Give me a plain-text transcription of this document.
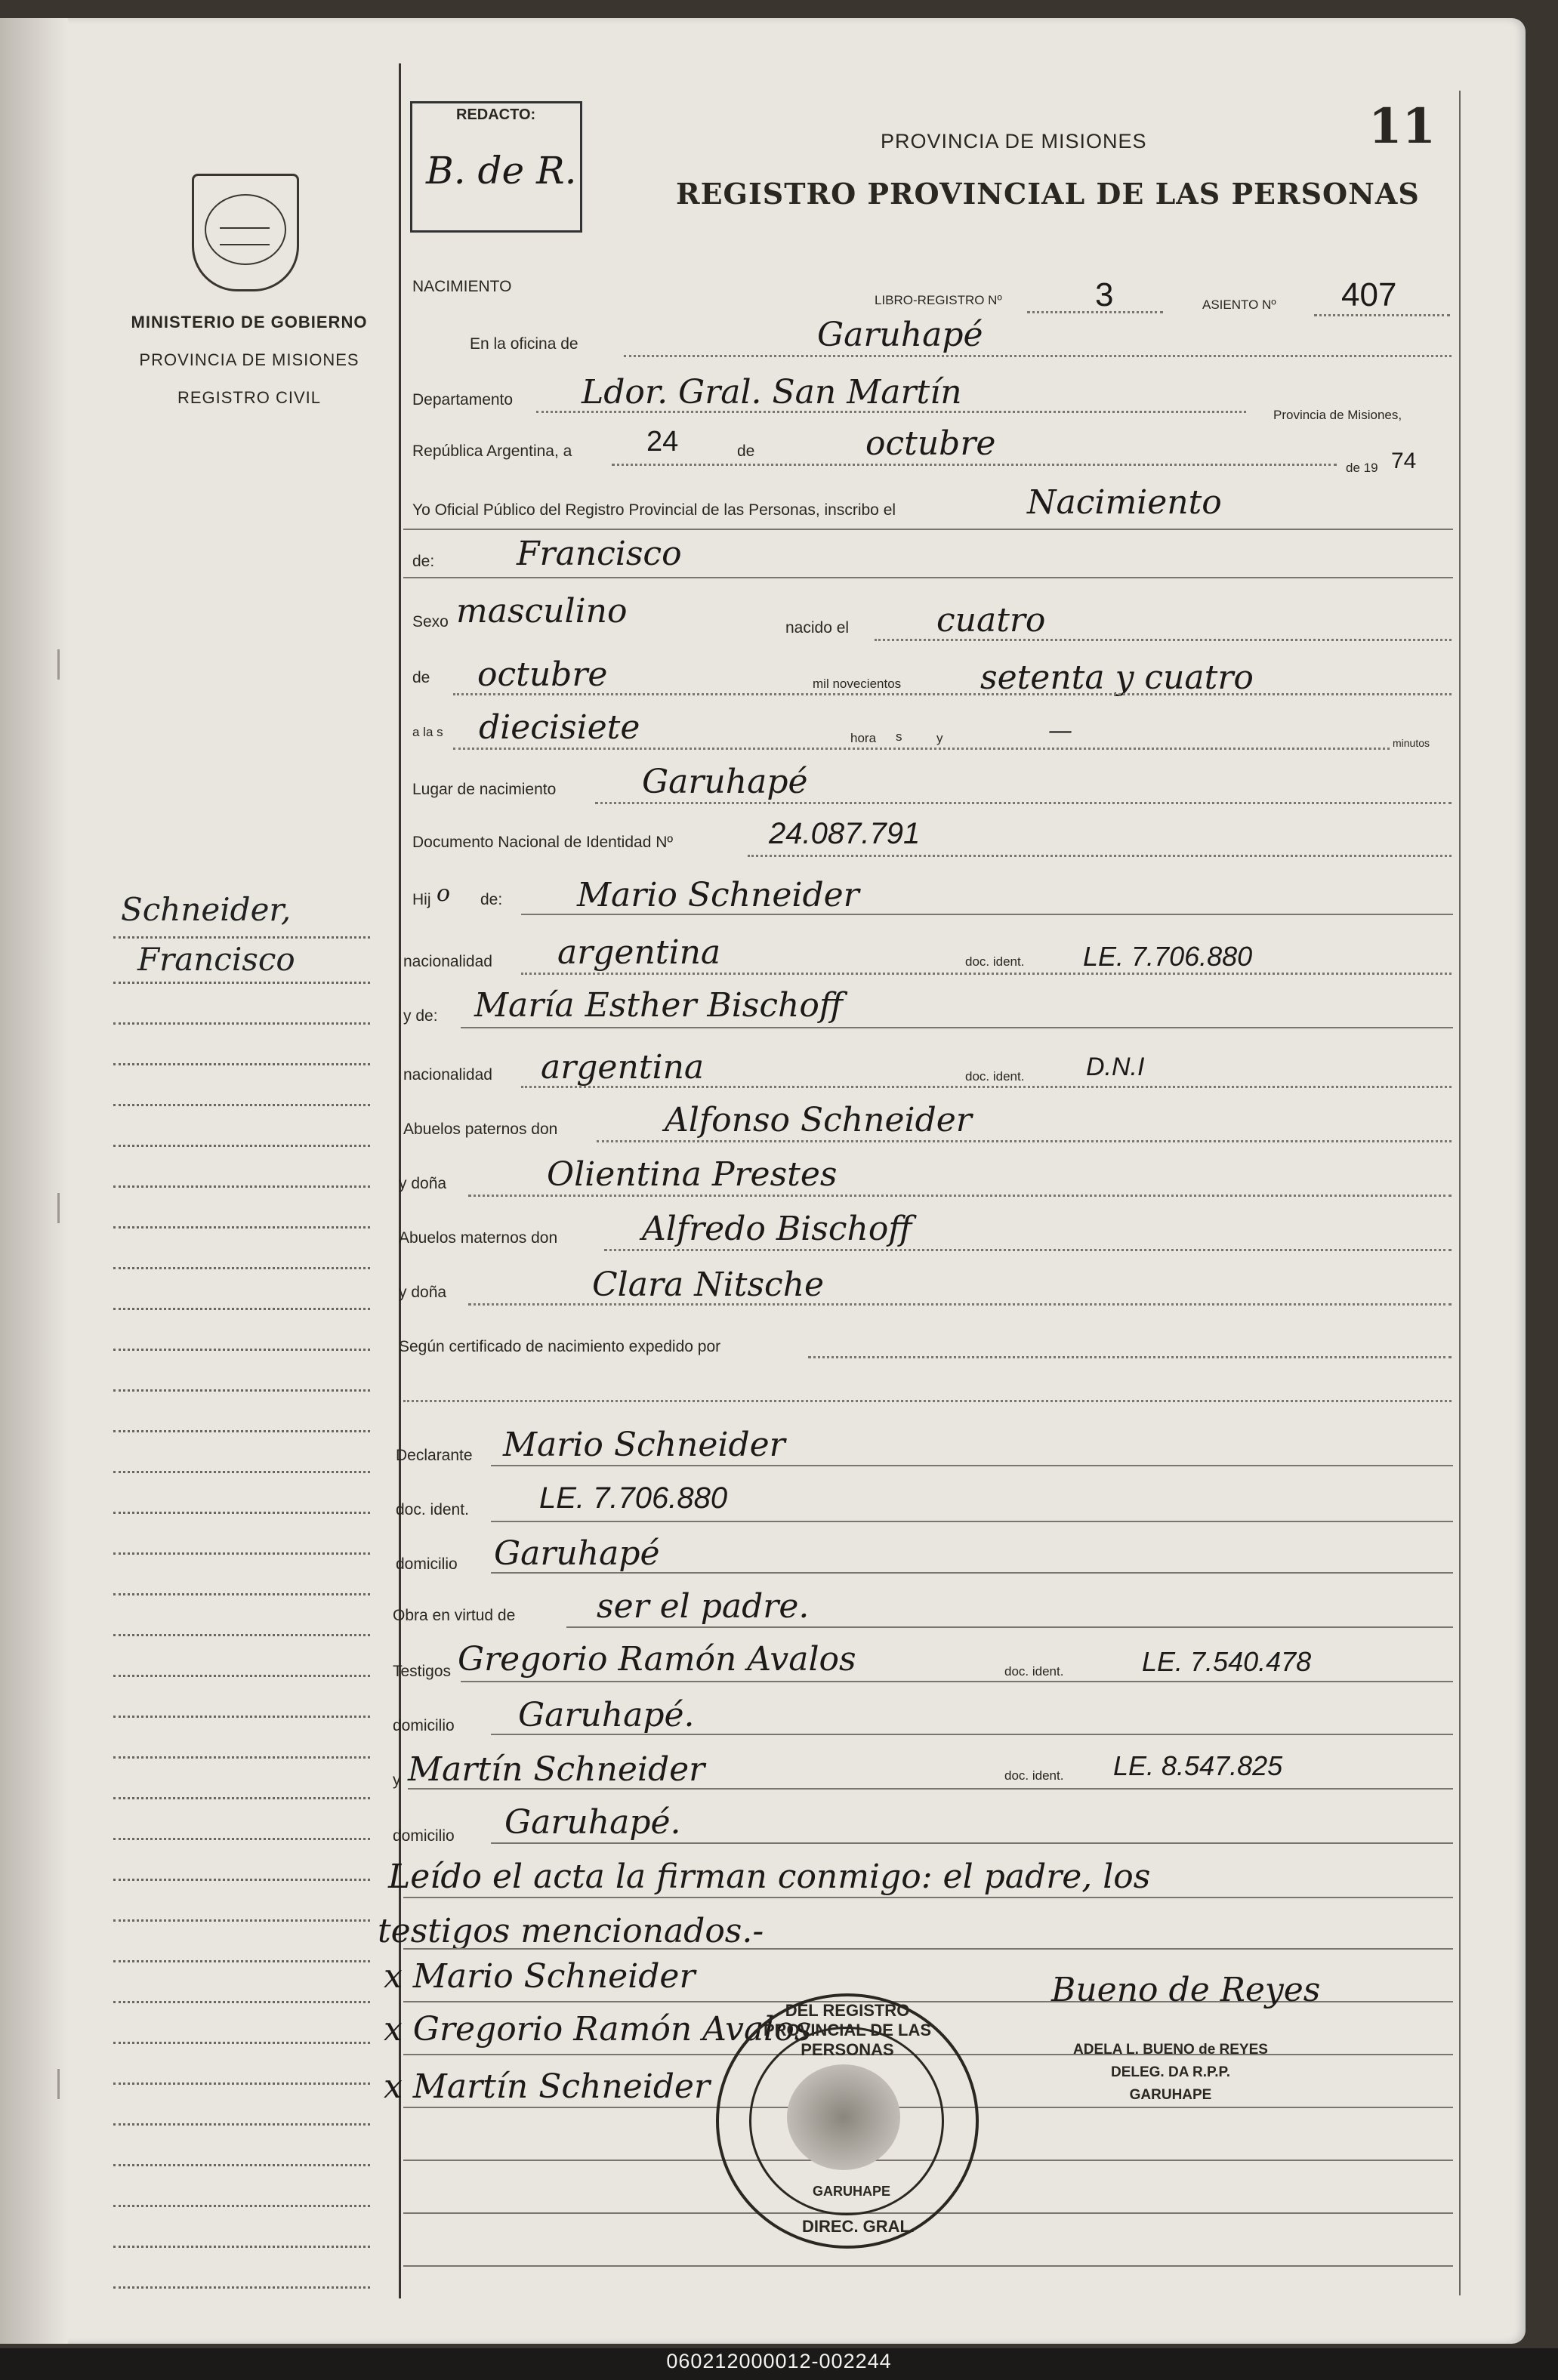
MINISTERIO DE GOBIERNO
PROVINCIA DE MISIONES
REGISTRO CIVIL
Schneider,
Francisco
REDACTO:
B. de R.
PROVINCIA DE MISIONES
REGISTRO PROVINCIAL DE LAS PERSONAS
11
NACIMIENTO
LIBRO-REGISTRO Nº	3	ASIENTO Nº 407
En la oficina de	Garuhapé
Departamento Ldor. Gral. San Martín
Provincia de Misiones,
República Argentina, a	24	de	octubre
de 19 74
Yo Oficial Público del Registro Provincial de las Personas, inscribo el	Nacimiento
de: Francisco
Sexo masculino	nacido el	cuatro
de octubre	mil novecientos setenta y cuatro
a la s diecisiete	hora s	y	—	minutos
Lugar de nacimiento	Garuhapé
Documento Nacional de Identidad Nº	24.087.791
Hij o de: Mario Schneider
nacionalidad argentina	doc. ident. LE. 7.706.880
y de: María Esther Bischoff
nacionalidad argentina	doc. ident. D.N.I
Abuelos paternos don	Alfonso Schneider
y doña	Olientina Prestes
Abuelos maternos don	Alfredo Bischoff
y doña	Clara Nitsche
Según certificado de nacimiento expedido por
Declarante Mario Schneider
doc. ident. LE. 7.706.880
domicilio Garuhapé
Obra en virtud de ser el padre.
Testigos Gregorio Ramón Avalos	doc. ident.	LE. 7.540.478
domicilio Garuhapé.
y Martín Schneider	doc. ident. LE. 8.547.825
domicilio Garuhapé.
Leído el acta la firman conmigo: el padre, los
testigos mencionados.-
x Mario Schneider
x Gregorio Ramón Avalos
x Martín Schneider
Bueno de Reyes
ADELA L. BUENO de REYES
DELEG. DA R.P.P.
GARUHAPE
DEL REGISTRO PROVINCIAL DE LAS PERSONAS
DIREC. GRAL.
GARUHAPE
060212000012-002244
